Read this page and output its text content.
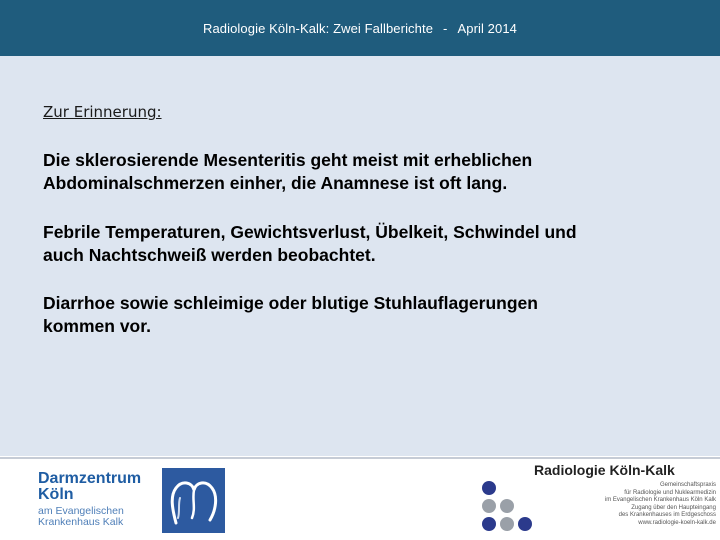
Radiologie Köln-Kalk: Zwei Fallberichte - April 2014
Zur Erinnerung:
Die sklerosierende Mesenteritis geht meist mit erheblichen
Abdominalschmerzen einher, die Anamnese ist oft lang.
Febrile Temperaturen, Gewichtsverlust, Übelkeit, Schwindel und
auch Nachtschweiß werden beobachtet.
Diarrhoe sowie schleimige oder blutige Stuhlauflagerungen
kommen vor.
Darmzentrum
Köln
am Evangelischen
Krankenhaus Kalk
Radiologie Köln-Kalk
Gemeinschaftspraxis
für Radiologie und Nuklearmedizin
im Evangelischen Krankenhaus Köln Kalk
Zugang über den Haupteingang
des Krankenhauses im Erdgeschoss
www.radiologie-koeln-kalk.de
